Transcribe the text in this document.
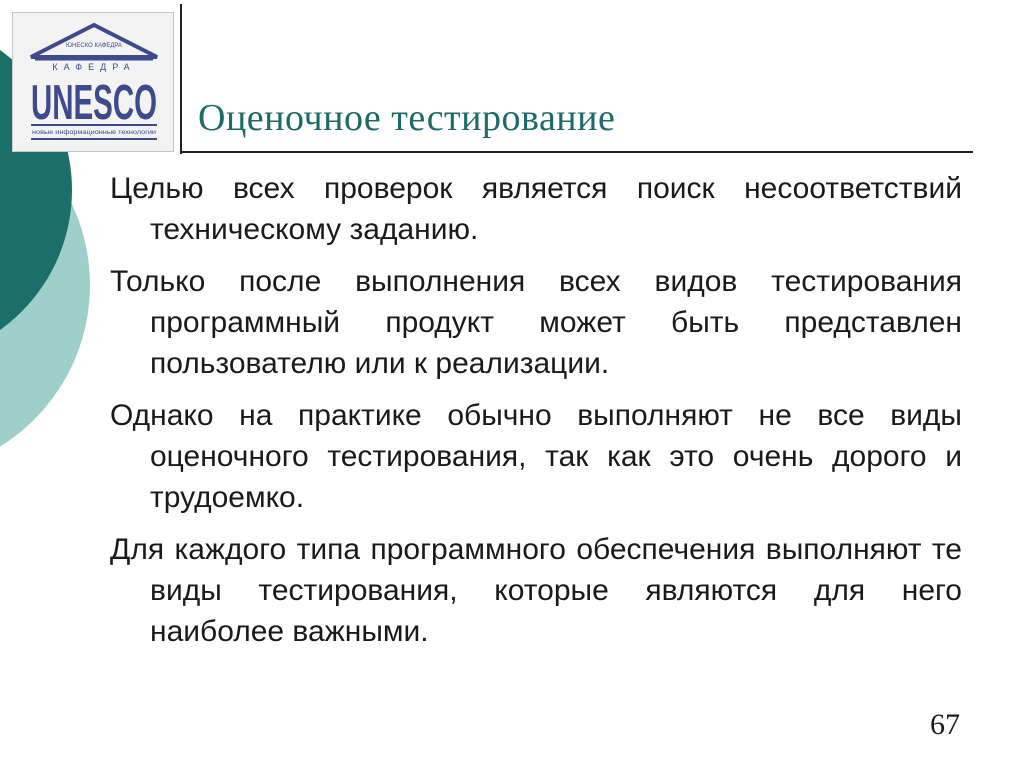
ЮНЕСКО КАФЕДРА
КАФЕДРА
UNESCO
новые информационные технологии Оценочное тестирование

Целью всех проверок является поиск несоответствий техническому заданию.

Только после выполнения всех видов тестирования программный продукт может быть представлен пользователю или к реализации.

Однако на практике обычно выполняют не все виды оценочного тестирования, так как это очень дорого и трудоемко.

Для каждого типа программного обеспечения выполняют те виды тестирования, которые являются для него наиболее важными.

67
